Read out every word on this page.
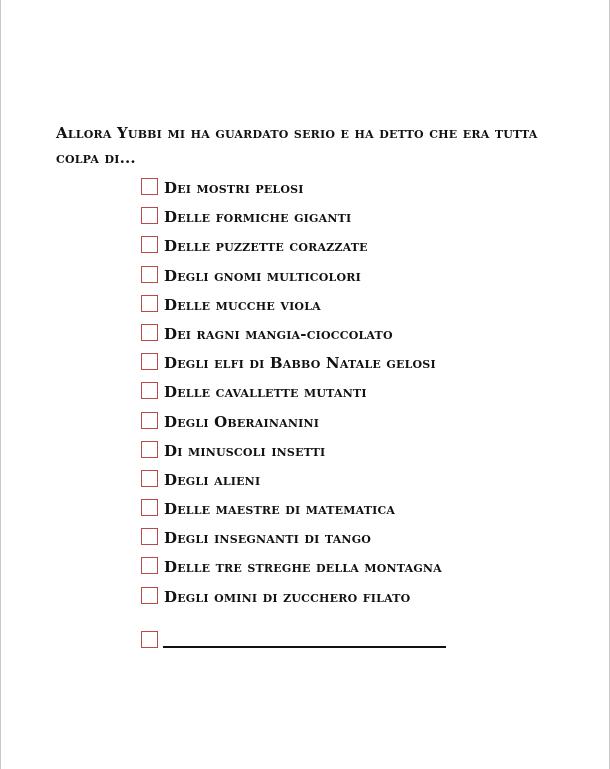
Allora Yubbi mi ha guardato serio e ha detto che era tutta colpa di...

Dei mostri pelosi
Delle formiche giganti
Delle puzzette corazzate
Degli gnomi multicolori
Delle mucche viola
Dei ragni mangia-cioccolato
Degli elfi di Babbo Natale gelosi
Delle cavallette mutanti
Degli Oberainanini
Di minuscoli insetti
Degli alieni
Delle maestre di matematica
Degli insegnanti di tango
Delle tre streghe della montagna
Degli omini di zucchero filato
